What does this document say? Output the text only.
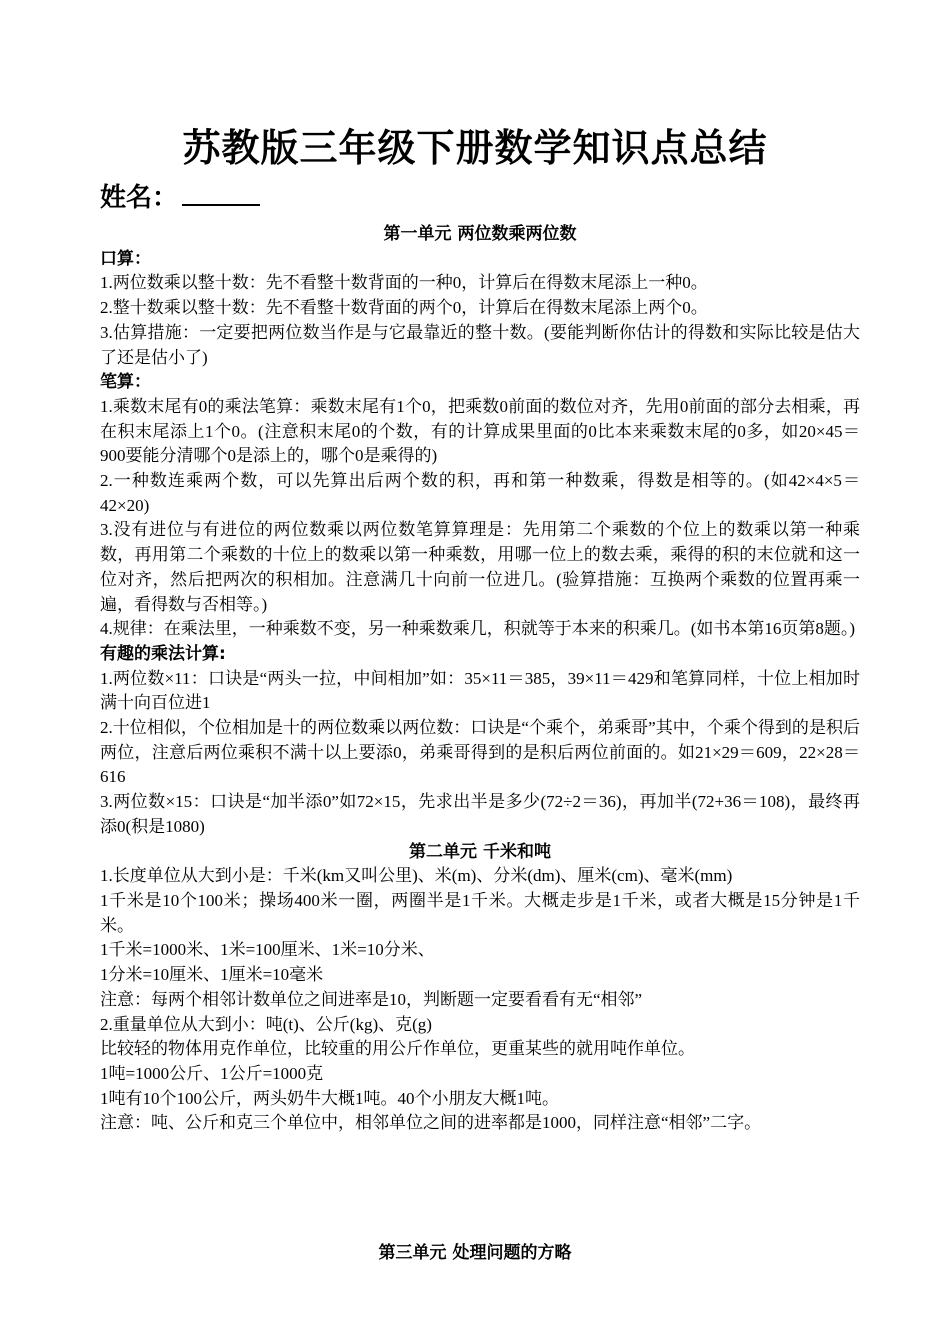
苏教版三年级下册数学知识点总结
姓名：
第一单元 两位数乘两位数
口算：

1.两位数乘以整十数：先不看整十数背面的一种0，计算后在得数末尾添上一种0。

2.整十数乘以整十数：先不看整十数背面的两个0，计算后在得数末尾添上两个0。

3.估算措施：一定要把两位数当作是与它最靠近的整十数。(要能判断你估计的得数和实际比较是估大了还是估小了)

笔算：

1.乘数末尾有0的乘法笔算：乘数末尾有1个0，把乘数0前面的数位对齐，先用0前面的部分去相乘，再在积末尾添上1个0。(注意积末尾0的个数，有的计算成果里面的0比本来乘数末尾的0多，如20×45＝900要能分清哪个0是添上的，哪个0是乘得的)

2.一种数连乘两个数，可以先算出后两个数的积，再和第一种数乘，得数是相等的。(如42×4×5＝42×20)

3.没有进位与有进位的两位数乘以两位数笔算算理是：先用第二个乘数的个位上的数乘以第一种乘数，再用第二个乘数的十位上的数乘以第一种乘数，用哪一位上的数去乘，乘得的积的末位就和这一位对齐，然后把两次的积相加。注意满几十向前一位进几。(验算措施：互换两个乘数的位置再乘一遍，看得数与否相等。)

4.规律：在乘法里，一种乘数不变，另一种乘数乘几，积就等于本来的积乘几。(如书本第16页第8题。)

有趣的乘法计算:

1.两位数×11：口诀是“两头一拉，中间相加”如：35×11＝385，39×11＝429和笔算同样，十位上相加时满十向百位进1

2.十位相似，个位相加是十的两位数乘以两位数：口诀是“个乘个，弟乘哥”其中，个乘个得到的是积后两位，注意后两位乘积不满十以上要添0，弟乘哥得到的是积后两位前面的。如21×29＝609，22×28＝616

3.两位数×15：口诀是“加半添0”如72×15，先求出半是多少(72÷2＝36)，再加半(72+36＝108)，最终再添0(积是1080)

第二单元 千米和吨

1.长度单位从大到小是：千米(km又叫公里)、米(m)、分米(dm)、厘米(cm)、毫米(mm)

1千米是10个100米；操场400米一圈，两圈半是1千米。大概走步是1千米，或者大概是15分钟是1千米。

1千米=1000米、1米=100厘米、1米=10分米、

1分米=10厘米、1厘米=10毫米

注意：每两个相邻计数单位之间进率是10，判断题一定要看看有无“相邻”

2.重量单位从大到小：吨(t)、公斤(kg)、克(g)

比较轻的物体用克作单位，比较重的用公斤作单位，更重某些的就用吨作单位。

1吨=1000公斤、1公斤=1000克

1吨有10个100公斤，两头奶牛大概1吨。40个小朋友大概1吨。

注意：吨、公斤和克三个单位中，相邻单位之间的进率都是1000，同样注意“相邻”二字。

第三单元 处理问题的方略
